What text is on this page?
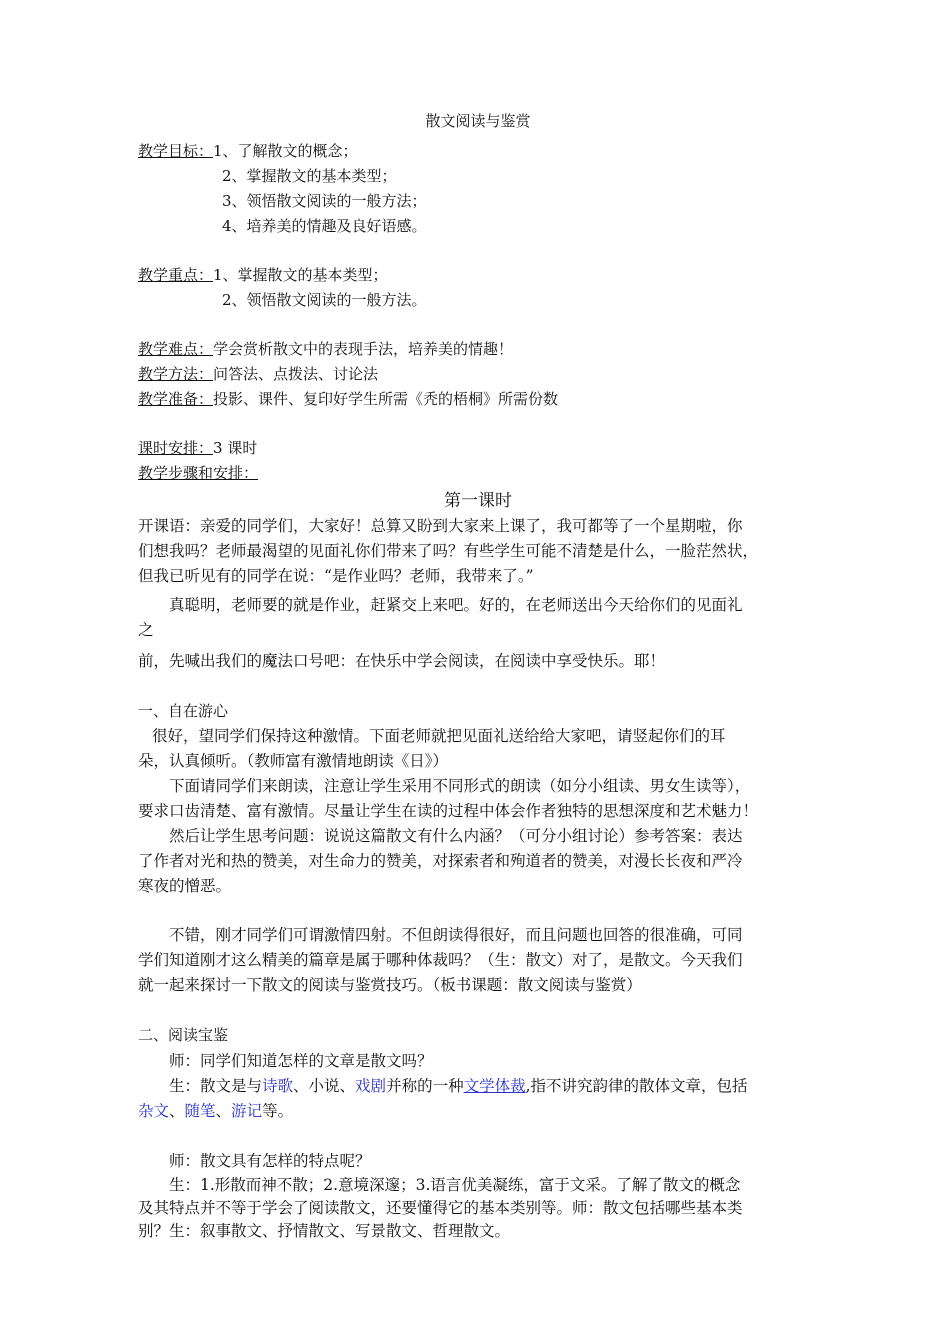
散文阅读与鉴赏
教学目标：1、了解散文的概念；
2、掌握散文的基本类型；
3、领悟散文阅读的一般方法；
4、培养美的情趣及良好语感。
教学重点：1、掌握散文的基本类型；
2、领悟散文阅读的一般方法。
教学难点：学会赏析散文中的表现手法，培养美的情趣！
教学方法：问答法、点拨法、讨论法
教学准备：投影、课件、复印好学生所需《秃的梧桐》所需份数
课时安排：3 课时
教学步骤和安排：
第一课时
开课语：亲爱的同学们，大家好！总算又盼到大家来上课了，我可都等了一个星期啦，你
们想我吗？老师最渴望的见面礼你们带来了吗？有些学生可能不清楚是什么，一脸茫然状，
但我已听见有的同学在说：“是作业吗？老师，我带来了。”
真聪明，老师要的就是作业，赶紧交上来吧。好的，在老师送出今天给你们的见面礼
之
前，先喊出我们的魔法口号吧：在快乐中学会阅读，在阅读中享受快乐。耶！
一、自在游心
很好，望同学们保持这种激情。下面老师就把见面礼送给给大家吧，请竖起你们的耳
朵，认真倾听。（教师富有激情地朗读《日》）
下面请同学们来朗读，注意让学生采用不同形式的朗读（如分小组读、男女生读等），
要求口齿清楚、富有激情。尽量让学生在读的过程中体会作者独特的思想深度和艺术魅力！
然后让学生思考问题：说说这篇散文有什么内涵？（可分小组讨论）参考答案：表达
了作者对光和热的赞美，对生命力的赞美，对探索者和殉道者的赞美，对漫长长夜和严冷
寒夜的憎恶。
不错，刚才同学们可谓激情四射。不但朗读得很好，而且问题也回答的很准确，可同
学们知道刚才这么精美的篇章是属于哪种体裁吗？（生：散文）对了，是散文。今天我们
就一起来探讨一下散文的阅读与鉴赏技巧。（板书课题：散文阅读与鉴赏）
二、阅读宝鉴
师：同学们知道怎样的文章是散文吗？
生：散文是与诗歌、小说、戏剧并称的一种文学体裁,指不讲究韵律的散体文章，包括
杂文、随笔、游记等。
师：散文具有怎样的特点呢？
生：1.形散而神不散；2.意境深邃；3.语言优美凝练，富于文采。了解了散文的概念
及其特点并不等于学会了阅读散文，还要懂得它的基本类别等。师：散文包括哪些基本类
别？生：叙事散文、抒情散文、写景散文、哲理散文。
